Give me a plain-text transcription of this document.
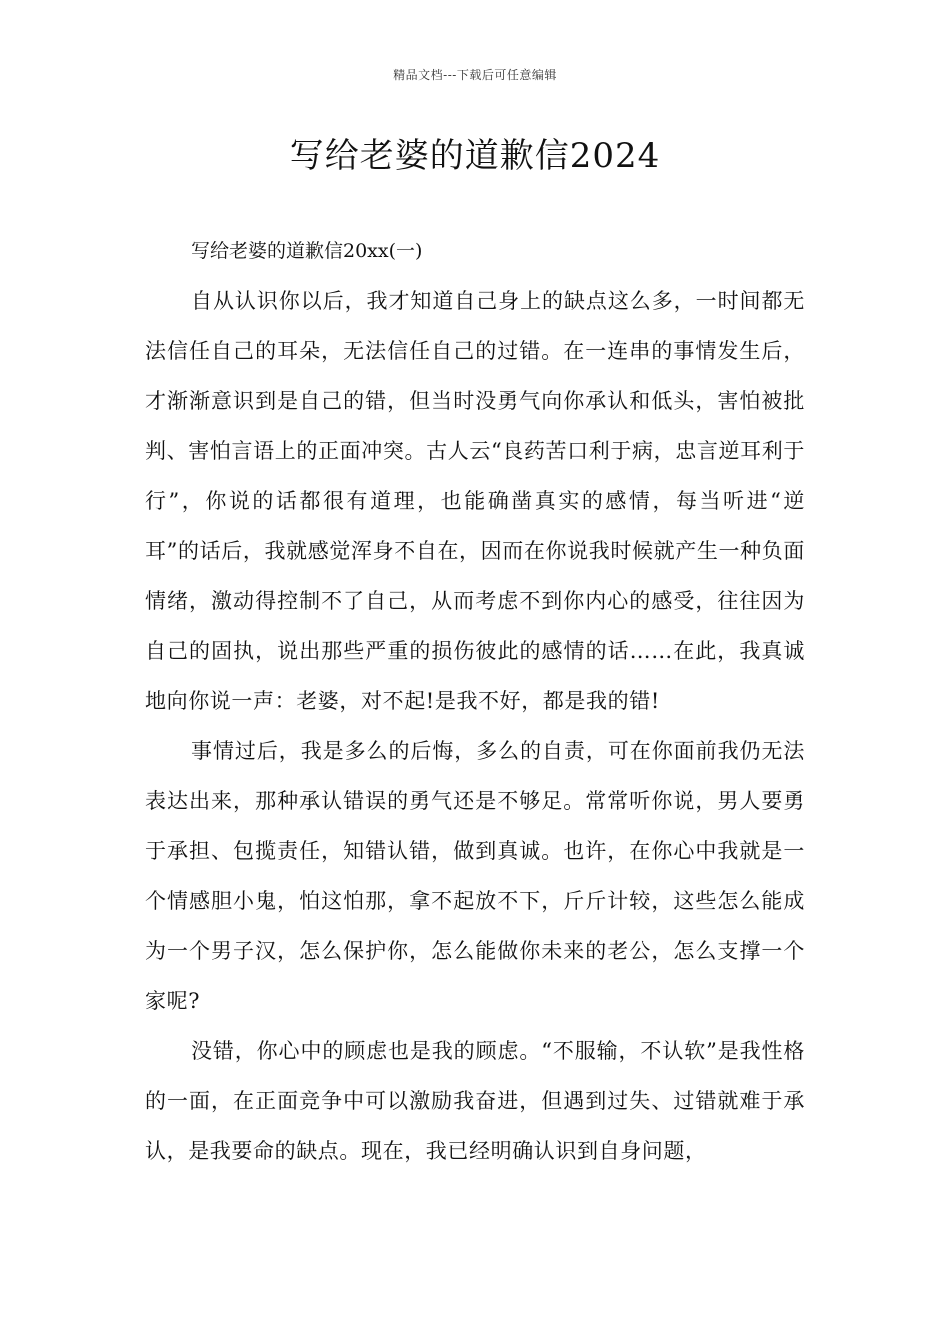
精品文档---下载后可任意编辑
写给老婆的道歉信2024

写给老婆的道歉信20xx(一)

自从认识你以后，我才知道自己身上的缺点这么多，一时间都无法信任自己的耳朵，无法信任自己的过错。在一连串的事情发生后，才渐渐意识到是自己的错，但当时没勇气向你承认和低头，害怕被批判、害怕言语上的正面冲突。古人云“良药苦口利于病，忠言逆耳利于行”，你说的话都很有道理，也能确凿真实的感情，每当听进“逆耳”的话后，我就感觉浑身不自在，因而在你说我时候就产生一种负面情绪，激动得控制不了自己，从而考虑不到你内心的感受，往往因为自己的固执，说出那些严重的损伤彼此的感情的话……在此，我真诚地向你说一声：老婆，对不起!是我不好，都是我的错!

事情过后，我是多么的后悔，多么的自责，可在你面前我仍无法表达出来，那种承认错误的勇气还是不够足。常常听你说，男人要勇于承担、包揽责任，知错认错，做到真诚。也许，在你心中我就是一个情感胆小鬼，怕这怕那，拿不起放不下，斤斤计较，这些怎么能成为一个男子汉，怎么保护你，怎么能做你未来的老公，怎么支撑一个家呢?

没错，你心中的顾虑也是我的顾虑。“不服输，不认软”是我性格的一面，在正面竞争中可以激励我奋进，但遇到过失、过错就难于承认，是我要命的缺点。现在，我已经明确认识到自身问题，
